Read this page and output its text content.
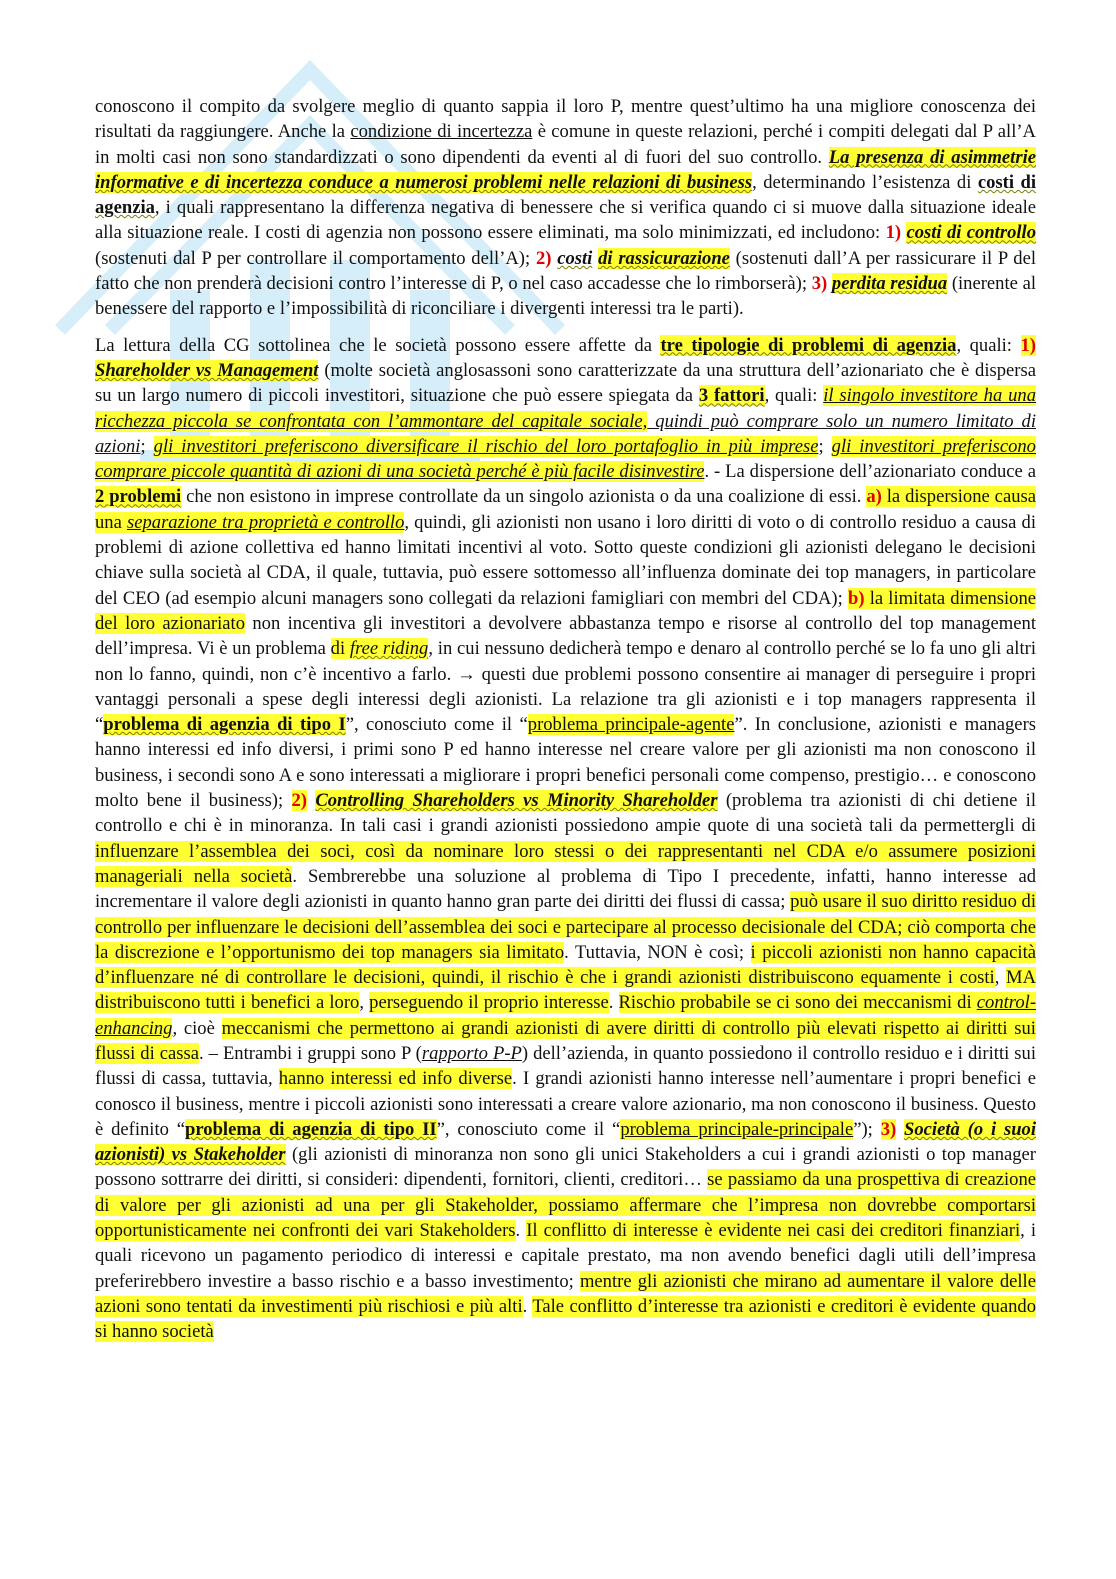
conoscono il compito da svolgere meglio di quanto sappia il loro P, mentre quest’ultimo ha una migliore conoscenza dei risultati da raggiungere. Anche la condizione di incertezza è comune in queste relazioni, perché i compiti delegati dal P all’A in molti casi non sono standardizzati o sono dipendenti da eventi al di fuori del suo controllo. La presenza di asimmetrie informative e di incertezza conduce a numerosi problemi nelle relazioni di business, determinando l’esistenza di costi di agenzia, i quali rappresentano la differenza negativa di benessere che si verifica quando ci si muove dalla situazione ideale alla situazione reale. I costi di agenzia non possono essere eliminati, ma solo minimizzati, ed includono: 1) costi di controllo (sostenuti dal P per controllare il comportamento dell’A); 2) costi di rassicurazione (sostenuti dall’A per rassicurare il P del fatto che non prenderà decisioni contro l’interesse di P, o nel caso accadesse che lo rimborserà); 3) perdita residua (inerente al benessere del rapporto e l’impossibilità di riconciliare i divergenti interessi tra le parti).

La lettura della CG sottolinea che le società possono essere affette da tre tipologie di problemi di agenzia, quali: 1) Shareholder vs Management (molte società anglosassoni sono caratterizzate da una struttura dell’azionariato che è dispersa su un largo numero di piccoli investitori, situazione che può essere spiegata da 3 fattori, quali: il singolo investitore ha una ricchezza piccola se confrontata con l’ammontare del capitale sociale, quindi può comprare solo un numero limitato di azioni; gli investitori preferiscono diversificare il rischio del loro portafoglio in più imprese; gli investitori preferiscono comprare piccole quantità di azioni di una società perché è più facile disinvestire. - La dispersione dell’azionariato conduce a 2 problemi che non esistono in imprese controllate da un singolo azionista o da una coalizione di essi. a) la dispersione causa una separazione tra proprietà e controllo, quindi, gli azionisti non usano i loro diritti di voto o di controllo residuo a causa di problemi di azione collettiva ed hanno limitati incentivi al voto. Sotto queste condizioni gli azionisti delegano le decisioni chiave sulla società al CDA, il quale, tuttavia, può essere sottomesso all’influenza dominate dei top managers, in particolare del CEO (ad esempio alcuni managers sono collegati da relazioni famigliari con membri del CDA); b) la limitata dimensione del loro azionariato non incentiva gli investitori a devolvere abbastanza tempo e risorse al controllo del top management dell’impresa. Vi è un problema di free riding, in cui nessuno dedicherà tempo e denaro al controllo perché se lo fa uno gli altri non lo fanno, quindi, non c’è incentivo a farlo. → questi due problemi possono consentire ai manager di perseguire i propri vantaggi personali a spese degli interessi degli azionisti. La relazione tra gli azionisti e i top managers rappresenta il “problema di agenzia di tipo I”, conosciuto come il “problema principale-agente”. In conclusione, azionisti e managers hanno interessi ed info diversi, i primi sono P ed hanno interesse nel creare valore per gli azionisti ma non conoscono il business, i secondi sono A e sono interessati a migliorare i propri benefici personali come compenso, prestigio… e conoscono molto bene il business); 2) Controlling Shareholders vs Minority Shareholder (problema tra azionisti di chi detiene il controllo e chi è in minoranza. In tali casi i grandi azionisti possiedono ampie quote di una società tali da permettergli di influenzare l’assemblea dei soci, così da nominare loro stessi o dei rappresentanti nel CDA e/o assumere posizioni manageriali nella società. Sembrerebbe una soluzione al problema di Tipo I precedente, infatti, hanno interesse ad incrementare il valore degli azionisti in quanto hanno gran parte dei diritti dei flussi di cassa; può usare il suo diritto residuo di controllo per influenzare le decisioni dell’assemblea dei soci e partecipare al processo decisionale del CDA; ciò comporta che la discrezione e l’opportunismo dei top managers sia limitato. Tuttavia, NON è così; i piccoli azionisti non hanno capacità d’influenzare né di controllare le decisioni, quindi, il rischio è che i grandi azionisti distribuiscono equamente i costi, MA distribuiscono tutti i benefici a loro, perseguendo il proprio interesse. Rischio probabile se ci sono dei meccanismi di control-enhancing, cioè meccanismi che permettono ai grandi azionisti di avere diritti di controllo più elevati rispetto ai diritti sui flussi di cassa. – Entrambi i gruppi sono P (rapporto P-P) dell’azienda, in quanto possiedono il controllo residuo e i diritti sui flussi di cassa, tuttavia, hanno interessi ed info diverse. I grandi azionisti hanno interesse nell’aumentare i propri benefici e conosco il business, mentre i piccoli azionisti sono interessati a creare valore azionario, ma non conoscono il business. Questo è definito “problema di agenzia di tipo II”, conosciuto come il “problema principale-principale”); 3) Società (o i suoi azionisti) vs Stakeholder (gli azionisti di minoranza non sono gli unici Stakeholders a cui i grandi azionisti o top manager possono sottrarre dei diritti, si consideri: dipendenti, fornitori, clienti, creditori… se passiamo da una prospettiva di creazione di valore per gli azionisti ad una per gli Stakeholder, possiamo affermare che l’impresa non dovrebbe comportarsi opportunisticamente nei confronti dei vari Stakeholders. Il conflitto di interesse è evidente nei casi dei creditori finanziari, i quali ricevono un pagamento periodico di interessi e capitale prestato, ma non avendo benefici dagli utili dell’impresa preferirebbero investire a basso rischio e a basso investimento; mentre gli azionisti che mirano ad aumentare il valore delle azioni sono tentati da investimenti più rischiosi e più alti. Tale conflitto d’interesse tra azionisti e creditori è evidente quando si hanno società
